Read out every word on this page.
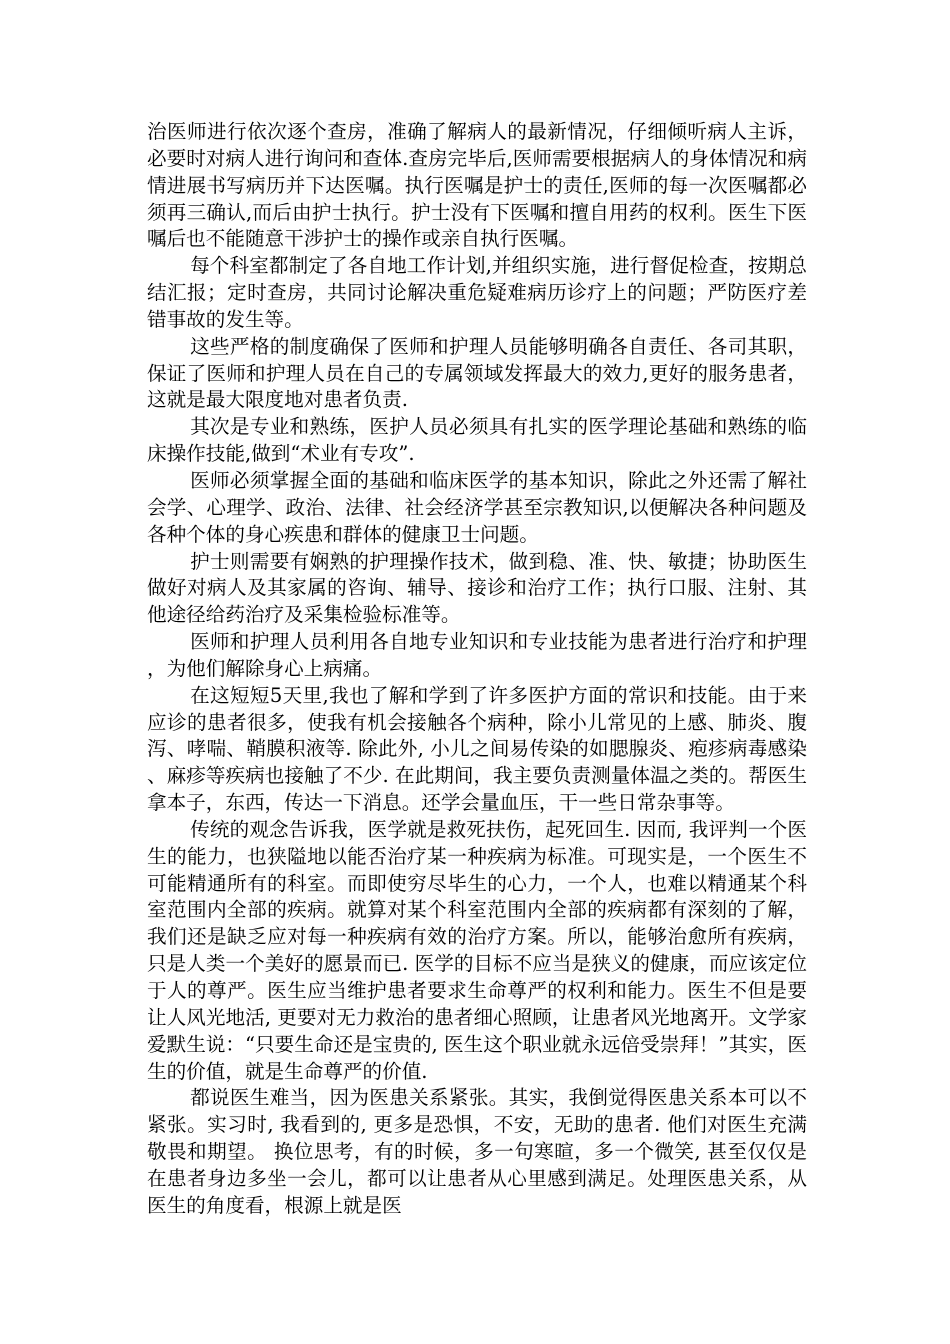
治医师进行依次逐个查房，准确了解病人的最新情况，仔细倾听病人主诉，必要时对病人进行询问和查体.查房完毕后,医师需要根据病人的身体情况和病情进展书写病历并下达医嘱。执行医嘱是护士的责任,医师的每一次医嘱都必须再三确认,而后由护士执行。护士没有下医嘱和擅自用药的权利。医生下医嘱后也不能随意干涉护士的操作或亲自执行医嘱。

每个科室都制定了各自地工作计划,并组织实施，进行督促检查，按期总结汇报；定时查房，共同讨论解决重危疑难病历诊疗上的问题；严防医疗差错事故的发生等。

这些严格的制度确保了医师和护理人员能够明确各自责任、各司其职，保证了医师和护理人员在自己的专属领域发挥最大的效力,更好的服务患者，这就是最大限度地对患者负责.

其次是专业和熟练，医护人员必须具有扎实的医学理论基础和熟练的临床操作技能,做到“术业有专攻”.

医师必须掌握全面的基础和临床医学的基本知识，除此之外还需了解社会学、心理学、政治、法律、社会经济学甚至宗教知识,以便解决各种问题及各种个体的身心疾患和群体的健康卫士问题。

护士则需要有娴熟的护理操作技术，做到稳、准、快、敏捷；协助医生做好对病人及其家属的咨询、辅导、接诊和治疗工作；执行口服、注射、其他途径给药治疗及采集检验标准等。

医师和护理人员利用各自地专业知识和专业技能为患者进行治疗和护理，为他们解除身心上病痛。

在这短短5天里,我也了解和学到了许多医护方面的常识和技能。由于来应诊的患者很多，使我有机会接触各个病种，除小儿常见的上感、肺炎、腹泻、哮喘、鞘膜积液等. 除此外, 小儿之间易传染的如腮腺炎、疱疹病毒感染、麻疹等疾病也接触了不少. 在此期间，我主要负责测量体温之类的。帮医生拿本子，东西，传达一下消息。还学会量血压，干一些日常杂事等。

传统的观念告诉我，医学就是救死扶伤，起死回生. 因而, 我评判一个医生的能力，也狭隘地以能否治疗某一种疾病为标准。可现实是，一个医生不可能精通所有的科室。而即使穷尽毕生的心力，一个人，也难以精通某个科室范围内全部的疾病。就算对某个科室范围内全部的疾病都有深刻的了解，我们还是缺乏应对每一种疾病有效的治疗方案。所以，能够治愈所有疾病，只是人类一个美好的愿景而已. 医学的目标不应当是狭义的健康，而应该定位于人的尊严。医生应当维护患者要求生命尊严的权利和能力。医生不但是要让人风光地活, 更要对无力救治的患者细心照顾，让患者风光地离开。文学家爱默生说：“只要生命还是宝贵的, 医生这个职业就永远倍受崇拜！”其实，医生的价值，就是生命尊严的价值.

都说医生难当，因为医患关系紧张。其实，我倒觉得医患关系本可以不紧张。实习时, 我看到的, 更多是恐惧，不安，无助的患者. 他们对医生充满敬畏和期望。 换位思考，有的时候，多一句寒暄，多一个微笑, 甚至仅仅是在患者身边多坐一会儿，都可以让患者从心里感到满足。处理医患关系，从医生的角度看，根源上就是医
